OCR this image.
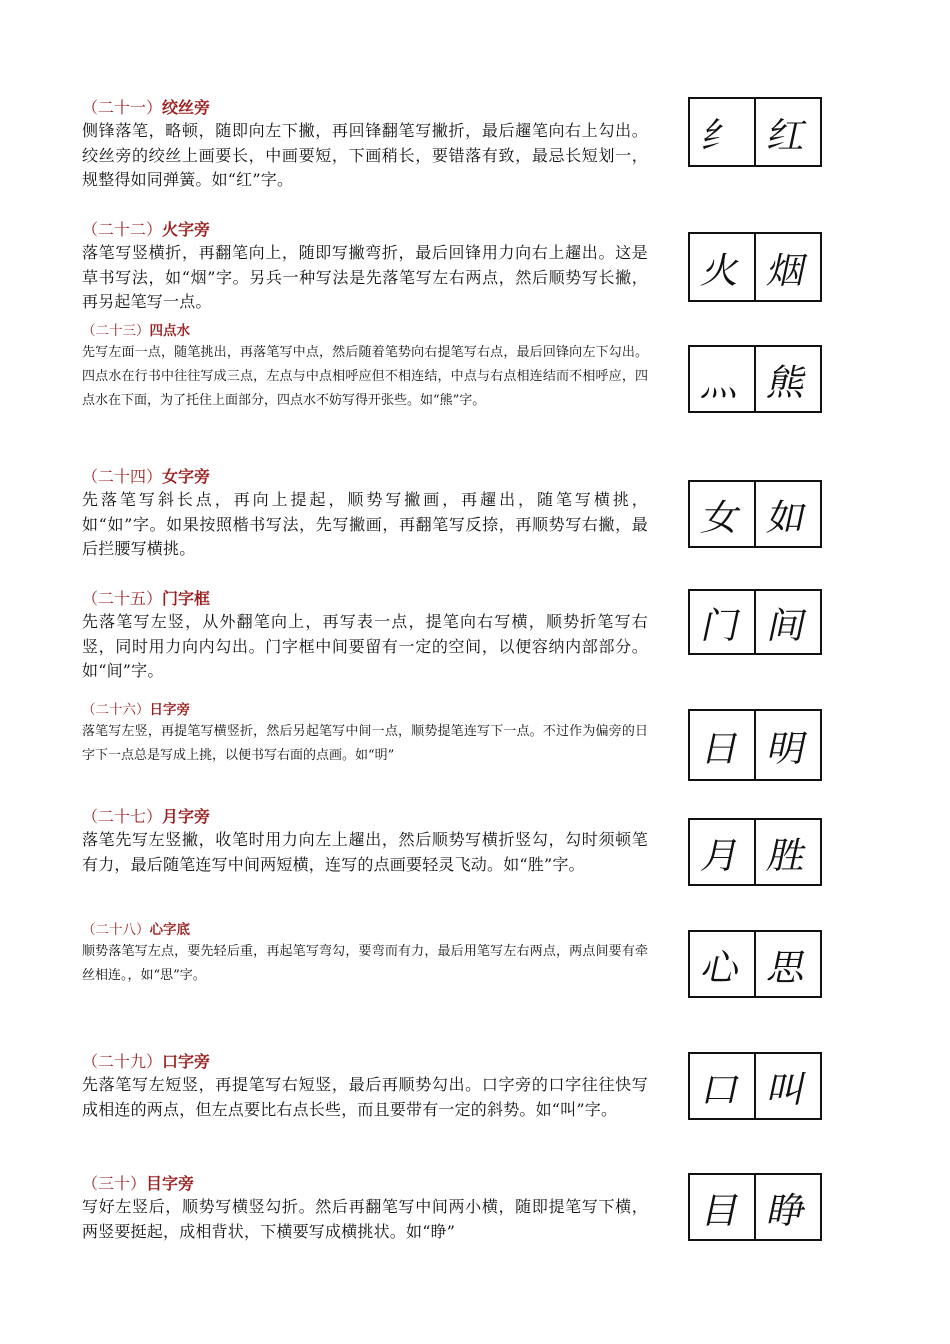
（二十一）绞丝旁

侧锋落笔，略顿，随即向左下撇，再回锋翻笔写撇折，最后趯笔向右上勾出。绞丝旁的绞丝上画要长，中画要短，下画稍长，要错落有致，最忌长短划一，规整得如同弹簧。如“红”字。

纟 红
（二十二）火字旁

落笔写竖横折，再翻笔向上，随即写撇弯折，最后回锋用力向右上趯出。这是草书写法，如“烟”字。另兵一种写法是先落笔写左右两点，然后顺势写长撇，再另起笔写一点。

火 烟
（二十三）四点水

先写左面一点，随笔挑出，再落笔写中点，然后随着笔势向右提笔写右点，最后回锋向左下勾出。四点水在行书中往往写成三点，左点与中点相呼应但不相连结，中点与右点相连结而不相呼应，四点水在下面，为了托住上面部分，四点水不妨写得开张些。如“熊”字。	灬 熊
（二十四）女字旁

先落笔写斜长点，再向上提起，顺势写撇画，再趯出，随笔写横挑，如“如”字。如果按照楷书写法，先写撇画，再翻笔写反捺，再顺势写右撇，最后拦腰写横挑。

女 如
（二十五）门字框

先落笔写左竖，从外翻笔向上，再写表一点，提笔向右写横，顺势折笔写右竖，同时用力向内勾出。门字框中间要留有一定的空间，以便容纳内部部分。如“间”字。

门 间
（二十六）日字旁

落笔写左竖，再提笔写横竖折，然后另起笔写中间一点，顺势提笔连写下一点。不过作为偏旁的日字下一点总是写成上挑，以便书写右面的点画。如“明”	日 明
（二十七）月字旁

落笔先写左竖撇，收笔时用力向左上趯出，然后顺势写横折竖勾，勾时须顿笔有力，最后随笔连写中间两短横，连写的点画要轻灵飞动。如“胜”字。	月 胜
（二十八）心字底

顺势落笔写左点，要先轻后重，再起笔写弯勾，要弯而有力，最后用笔写左右两点，两点间要有牵丝相连。，如“思”字。	心 思
（二十九）口字旁

先落笔写左短竖，再提笔写右短竖，最后再顺势勾出。口字旁的口字往往快写成相连的两点，但左点要比右点长些，而且要带有一定的斜势。如“叫”字。	口 叫
（三十）目字旁

写好左竖后，顺势写横竖勾折。然后再翻笔写中间两小横，随即提笔写下横，两竖要挺起，成相背状，下横要写成横挑状。如“睁”	目 睁
